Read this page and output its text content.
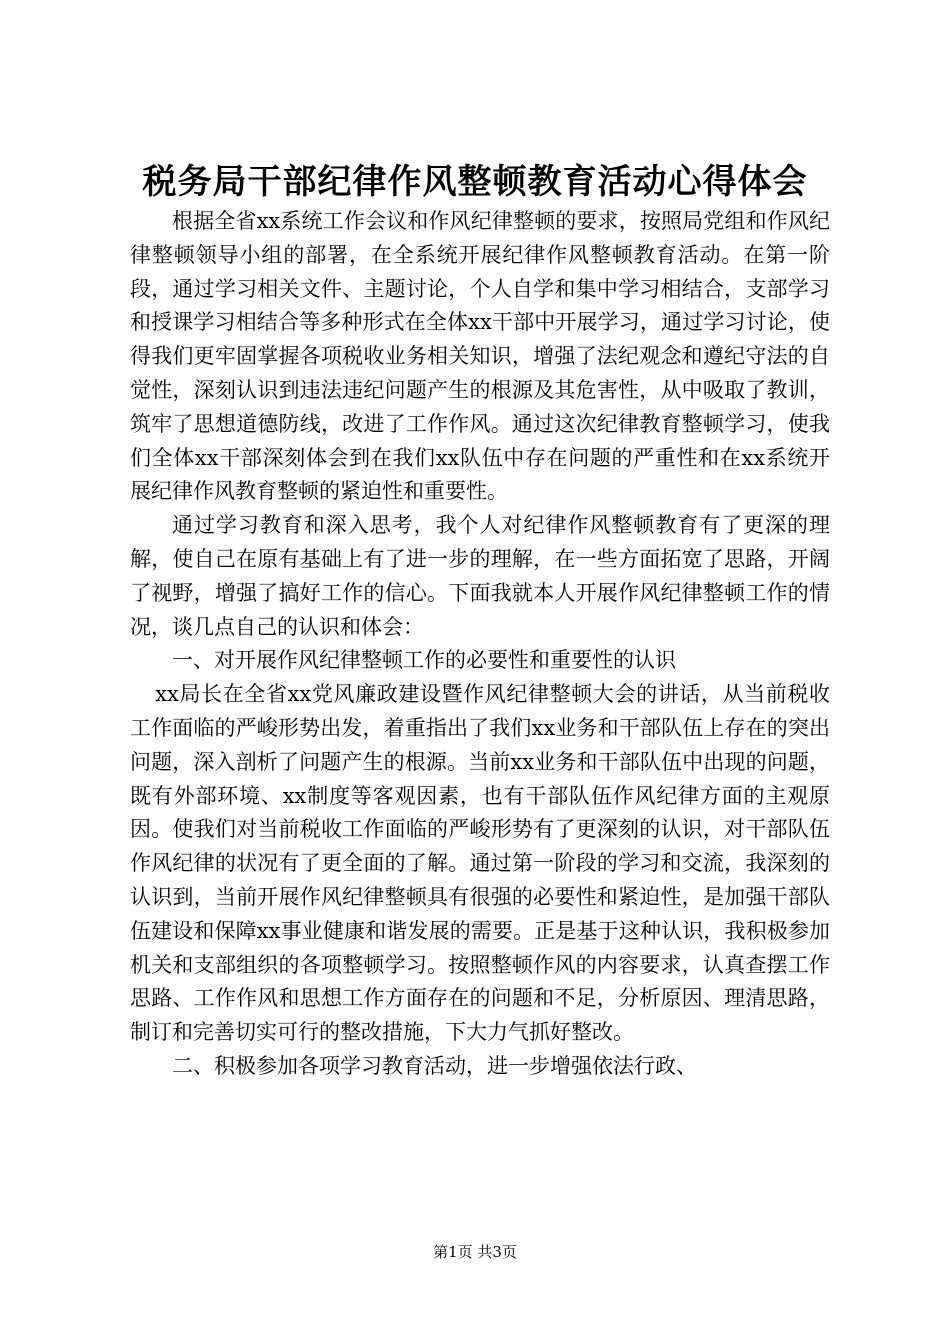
税务局干部纪律作风整顿教育活动心得体会

根据全省xx系统工作会议和作风纪律整顿的要求，按照局党组和作风纪律整顿领导小组的部署，在全系统开展纪律作风整顿教育活动。在第一阶段，通过学习相关文件、主题讨论，个人自学和集中学习相结合，支部学习和授课学习相结合等多种形式在全体xx干部中开展学习，通过学习讨论，使得我们更牢固掌握各项税收业务相关知识，增强了法纪观念和遵纪守法的自觉性，深刻认识到违法违纪问题产生的根源及其危害性，从中吸取了教训，筑牢了思想道德防线，改进了工作作风。通过这次纪律教育整顿学习，使我们全体xx干部深刻体会到在我们xx队伍中存在问题的严重性和在xx系统开展纪律作风教育整顿的紧迫性和重要性。

通过学习教育和深入思考，我个人对纪律作风整顿教育有了更深的理解，使自己在原有基础上有了进一步的理解，在一些方面拓宽了思路，开阔了视野，增强了搞好工作的信心。下面我就本人开展作风纪律整顿工作的情况，谈几点自己的认识和体会：

一、对开展作风纪律整顿工作的必要性和重要性的认识

xx局长在全省xx党风廉政建设暨作风纪律整顿大会的讲话，从当前税收工作面临的严峻形势出发，着重指出了我们xx业务和干部队伍上存在的突出问题，深入剖析了问题产生的根源。当前xx业务和干部队伍中出现的问题，既有外部环境、xx制度等客观因素，也有干部队伍作风纪律方面的主观原因。使我们对当前税收工作面临的严峻形势有了更深刻的认识，对干部队伍作风纪律的状况有了更全面的了解。通过第一阶段的学习和交流，我深刻的认识到，当前开展作风纪律整顿具有很强的必要性和紧迫性，是加强干部队伍建设和保障xx事业健康和谐发展的需要。正是基于这种认识，我积极参加机关和支部组织的各项整顿学习。按照整顿作风的内容要求，认真查摆工作思路、工作作风和思想工作方面存在的问题和不足，分析原因、理清思路，制订和完善切实可行的整改措施，下大力气抓好整改。

二、积极参加各项学习教育活动，进一步增强依法行政、

第1页 共3页
